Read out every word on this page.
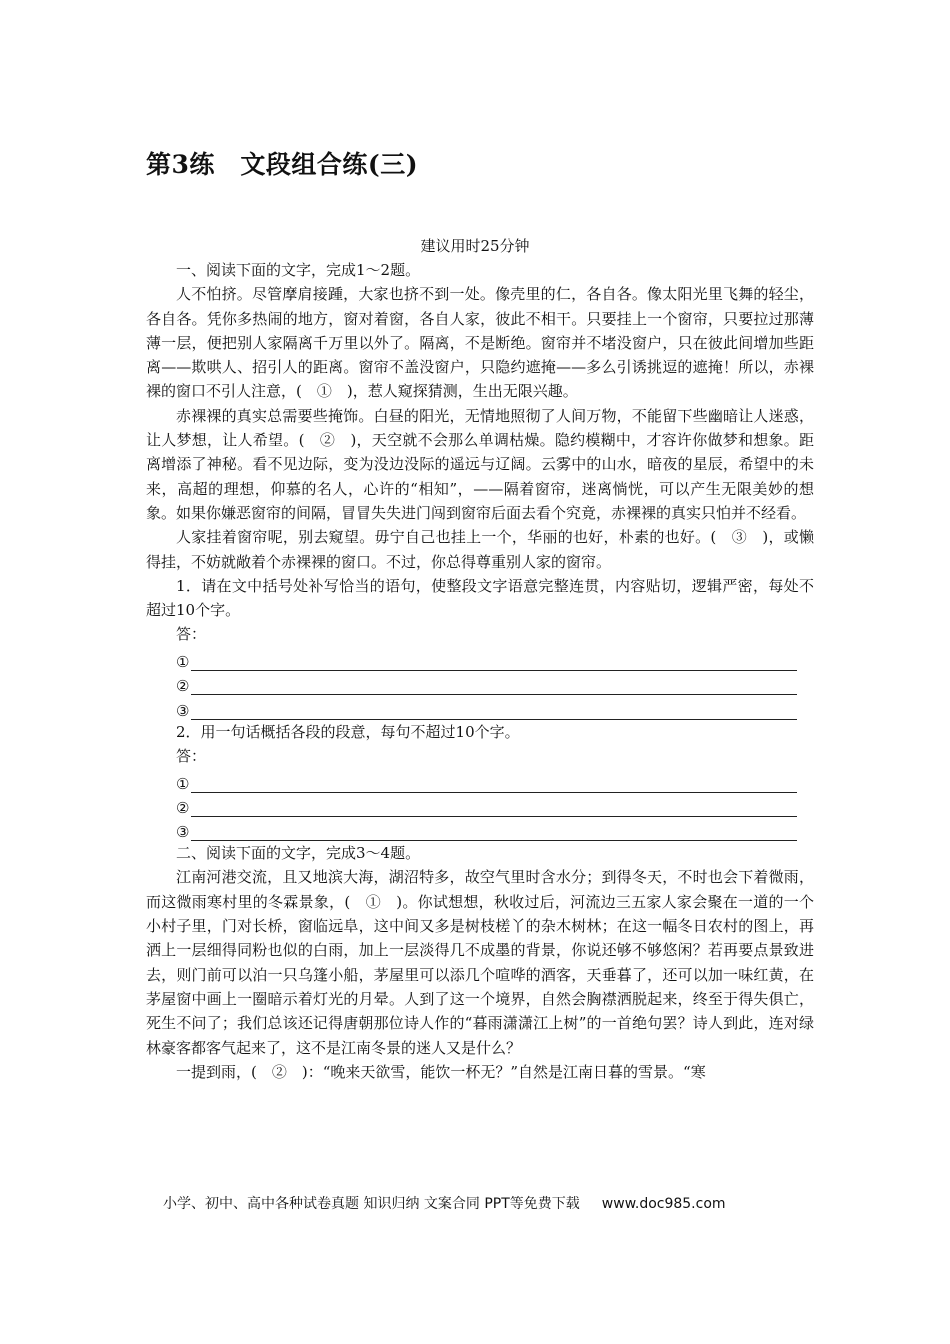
第3练　文段组合练(三)
建议用时25分钟

一、阅读下面的文字，完成1～2题。

人不怕挤。尽管摩肩接踵，大家也挤不到一处。像壳里的仁，各自各。像太阳光里飞舞的轻尘，各自各。凭你多热闹的地方，窗对着窗，各自人家，彼此不相干。只要挂上一个窗帘，只要拉过那薄薄一层，便把别人家隔离千万里以外了。隔离，不是断绝。窗帘并不堵没窗户，只在彼此间增加些距离——欺哄人、招引人的距离。窗帘不盖没窗户，只隐约遮掩——多么引诱挑逗的遮掩！所以，赤裸裸的窗口不引人注意，(　①　)，惹人窥探猜测，生出无限兴趣。

赤裸裸的真实总需要些掩饰。白昼的阳光，无情地照彻了人间万物，不能留下些幽暗让人迷惑，让人梦想，让人希望。(　②　)，天空就不会那么单调枯燥。隐约模糊中，才容许你做梦和想象。距离增添了神秘。看不见边际，变为没边没际的遥远与辽阔。云雾中的山水，暗夜的星辰，希望中的未来，高超的理想，仰慕的名人，心许的“相知”，——隔着窗帘，迷离惝恍，可以产生无限美妙的想象。如果你嫌恶窗帘的间隔，冒冒失失进门闯到窗帘后面去看个究竟，赤裸裸的真实只怕并不经看。

人家挂着窗帘呢，别去窥望。毋宁自己也挂上一个，华丽的也好，朴素的也好。(　③　)，或懒得挂，不妨就敞着个赤裸裸的窗口。不过，你总得尊重别人家的窗帘。

1．请在文中括号处补写恰当的语句，使整段文字语意完整连贯，内容贴切，逻辑严密，每处不超过10个字。

答：

①
②
③

2．用一句话概括各段的段意，每句不超过10个字。

答：

①
②
③

二、阅读下面的文字，完成3～4题。

江南河港交流，且又地滨大海，湖沼特多，故空气里时含水分；到得冬天，不时也会下着微雨，而这微雨寒村里的冬霖景象，(　①　)。你试想想，秋收过后，河流边三五家人家会聚在一道的一个小村子里，门对长桥，窗临远阜，这中间又多是树枝槎丫的杂木树林；在这一幅冬日农村的图上，再洒上一层细得同粉也似的白雨，加上一层淡得几不成墨的背景，你说还够不够悠闲？若再要点景致进去，则门前可以泊一只乌篷小船，茅屋里可以添几个喧哗的酒客，天垂暮了，还可以加一味红黄，在茅屋窗中画上一圈暗示着灯光的月晕。人到了这一个境界，自然会胸襟洒脱起来，终至于得失俱亡，死生不问了；我们总该还记得唐朝那位诗人作的“暮雨潇潇江上树”的一首绝句罢？诗人到此，连对绿林豪客都客气起来了，这不是江南冬景的迷人又是什么？

一提到雨，(　②　)：“晚来天欲雪，能饮一杯无？”自然是江南日暮的雪景。“寒

小学、初中、高中各种试卷真题 知识归纳 文案合同 PPT等免费下载 www.doc985.com
